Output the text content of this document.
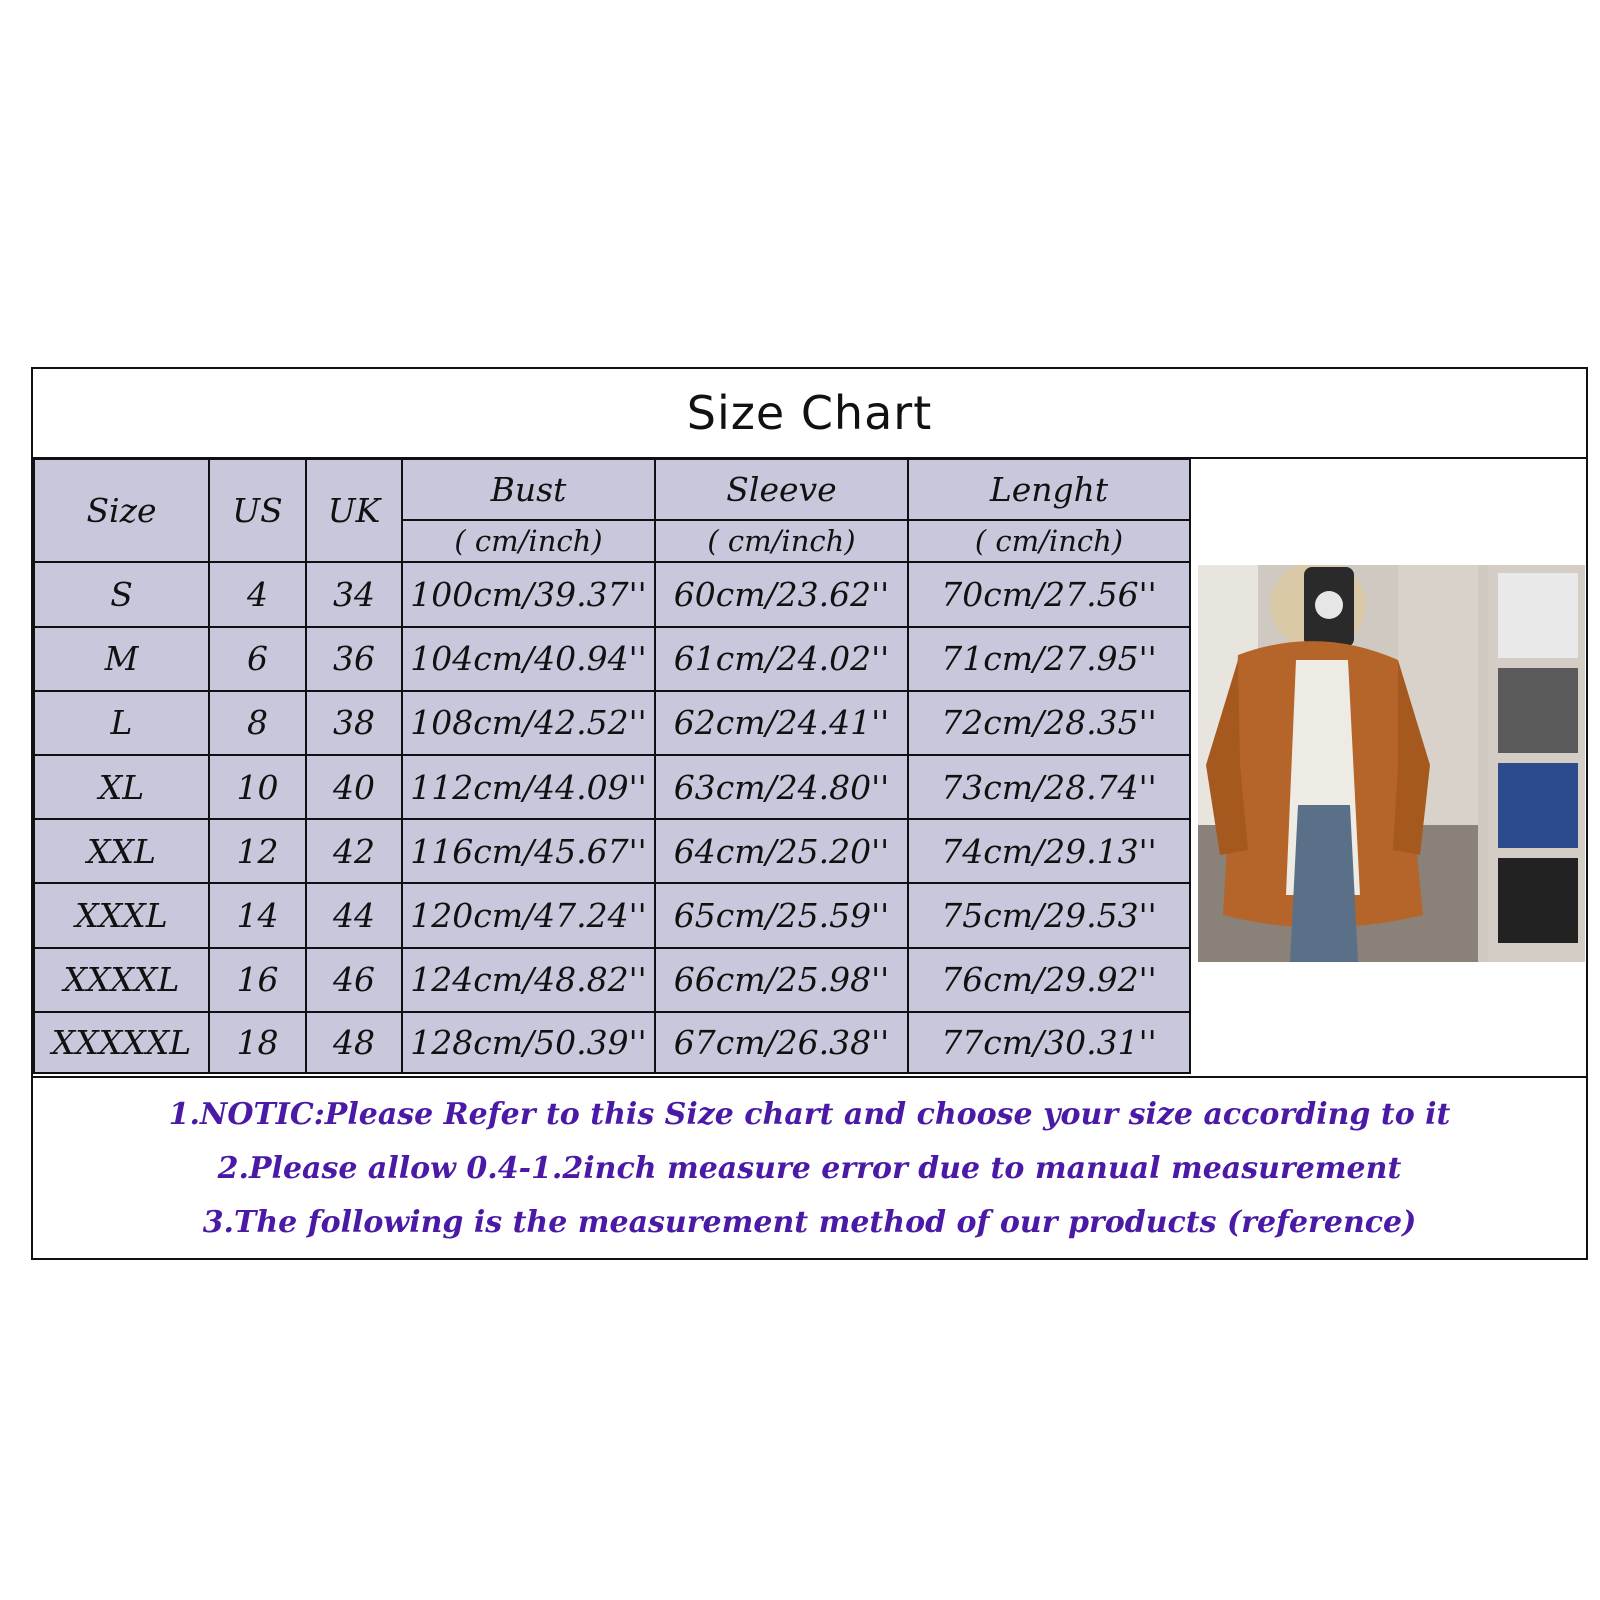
Size Chart
Size	US	UK	Bust	Sleeve	Lenght
			( cm/inch)	( cm/inch)	( cm/inch)
S	4	34	100cm/39.37''	60cm/23.62''	70cm/27.56''
M	6	36	104cm/40.94''	61cm/24.02''	71cm/27.95''
L	8	38	108cm/42.52''	62cm/24.41''	72cm/28.35''
XL	10	40	112cm/44.09''	63cm/24.80''	73cm/28.74''
XXL	12	42	116cm/45.67''	64cm/25.20''	74cm/29.13''
XXXL	14	44	120cm/47.24''	65cm/25.59''	75cm/29.53''
XXXXL	16	46	124cm/48.82''	66cm/25.98''	76cm/29.92''
XXXXXL	18	48	128cm/50.39''	67cm/26.38''	77cm/30.31''
1.NOTIC:Please Refer to this Size chart and choose your size according to it
2.Please allow 0.4-1.2inch measure error due to manual measurement
3.The following is the measurement method of our products (reference)
